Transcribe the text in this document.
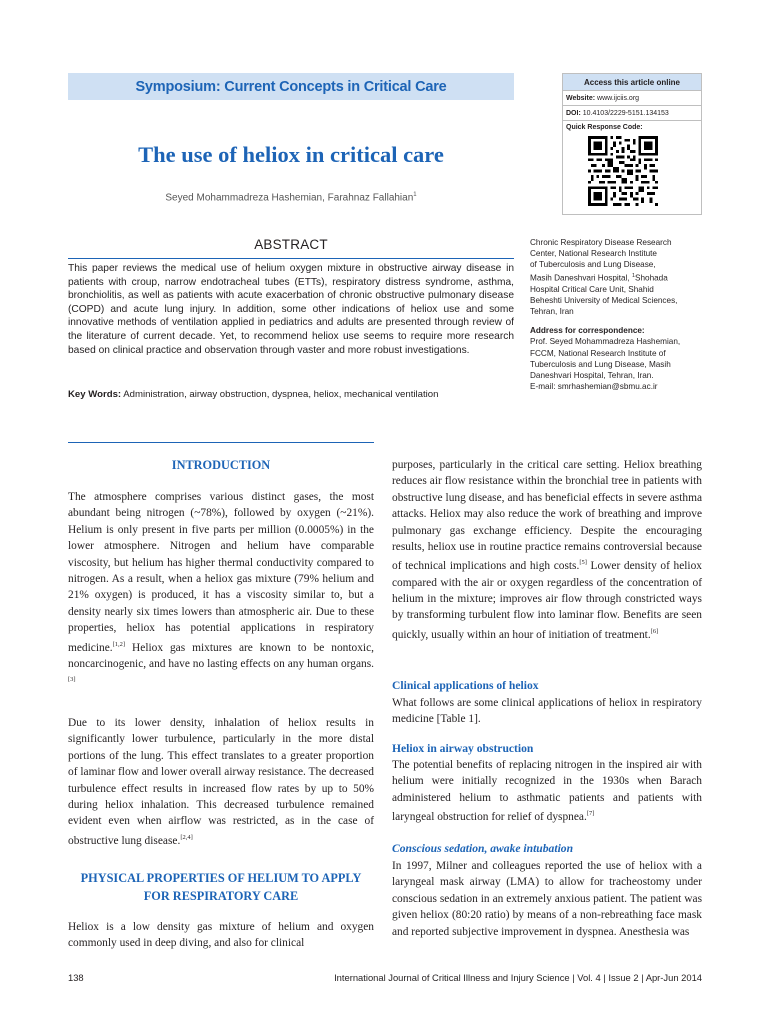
Symposium: Current Concepts in Critical Care
The use of heliox in critical care
Seyed Mohammadreza Hashemian, Farahnaz Fallahian$^1$
Access this article online
Website: www.ijciis.org
DOI: 10.4103/2229-5151.134153
Quick Response Code:
ABSTRACT

This paper reviews the medical use of helium oxygen mixture in obstructive airway disease in patients with croup, narrow endotracheal tubes (ETTs), respiratory distress syndrome, asthma, bronchiolitis, as well as patients with acute exacerbation of chronic obstructive pulmonary disease (COPD) and acute lung injury. In addition, some other indications of heliox use and some innovative methods of ventilation applied in pediatrics and adults are presented through review of the literature of current decade. Yet, to recommend heliox use seems to require more research based on clinical practice and observation through vaster and more robust investigations.

Key Words: Administration, airway obstruction, dyspnea, heliox, mechanical ventilation
Chronic Respiratory Disease Research
Center, National Research Institute
of Tuberculosis and Lung Disease,
Masih Daneshvari Hospital, $^1$Shohada
Hospital Critical Care Unit, Shahid
Beheshti University of Medical Sciences,
Tehran, Iran
Address for correspondence:
Prof. Seyed Mohammadreza Hashemian,
FCCM, National Research Institute of
Tuberculosis and Lung Disease, Masih
Daneshvari Hospital, Tehran, Iran.
E-mail: smrhashemian@sbmu.ac.ir
INTRODUCTION

The atmosphere comprises various distinct gases, the most abundant being nitrogen (~78%), followed by oxygen (~21%). Helium is only present in five parts per million (0.0005%) in the lower atmosphere. Nitrogen and helium have comparable viscosity, but helium has higher thermal conductivity compared to nitrogen. As a result, when a heliox gas mixture (79% helium and 21% oxygen) is produced, it has a viscosity similar to, but a density nearly six times lowers than atmospheric air. Due to these properties, heliox has potential applications in respiratory medicine.[1,2] Heliox gas mixtures are known to be nontoxic, noncarcinogenic, and have no lasting effects on any human organs.[3]

Due to its lower density, inhalation of heliox results in significantly lower turbulence, particularly in the more distal portions of the lung. This effect translates to a greater proportion of laminar flow and lower overall airway resistance. The decreased turbulence effect results in increased flow rates by up to 50% during heliox inhalation. This decreased turbulence remained evident even when airflow was restricted, as in the case of obstructive lung disease.[2,4]

PHYSICAL PROPERTIES OF HELIUM TO APPLY
FOR RESPIRATORY CARE

Heliox is a low density gas mixture of helium and oxygen commonly used in deep diving, and also for clinical

purposes, particularly in the critical care setting. Heliox breathing reduces air flow resistance within the bronchial tree in patients with obstructive lung disease, and has beneficial effects in severe asthma attacks. Heliox may also reduce the work of breathing and improve pulmonary gas exchange efficiency. Despite the encouraging results, heliox use in routine practice remains controversial because of technical implications and high costs.[5] Lower density of heliox compared with the air or oxygen regardless of the concentration of helium in the mixture; improves air flow through constricted ways by transforming turbulent flow into laminar flow. Benefits are seen quickly, usually within an hour of initiation of treatment.[6]

Clinical applications of heliox

What follows are some clinical applications of heliox in respiratory medicine [Table 1].

Heliox in airway obstruction

The potential benefits of replacing nitrogen in the inspired air with helium were initially recognized in the 1930s when Barach administered helium to asthmatic patients and patients with laryngeal obstruction for relief of dyspnea.[7]

Conscious sedation, awake intubation

In 1997, Milner and colleagues reported the use of heliox with a laryngeal mask airway (LMA) to allow for tracheostomy under conscious sedation in an extremely anxious patient. The patient was given heliox (80:20 ratio) by means of a non-rebreathing face mask and reported subjective improvement in dyspnea. Anesthesia was

138	International Journal of Critical Illness and Injury Science | Vol. 4 | Issue 2 | Apr-Jun 2014
